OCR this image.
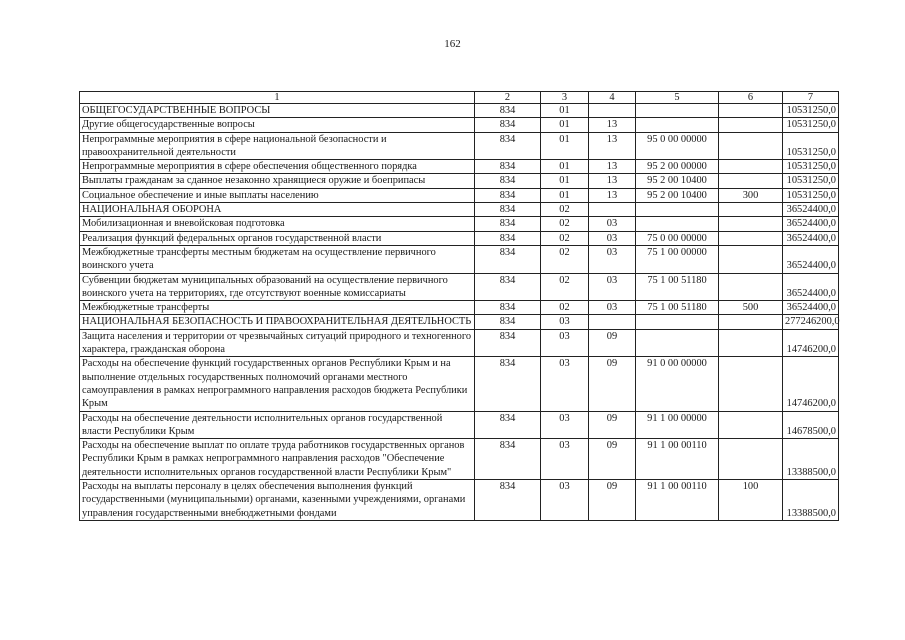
162
1	2	3	4	5	6	7
ОБЩЕГОСУДАРСТВЕННЫЕ ВОПРОСЫ	834	01				10531250,0
Другие общегосударственные вопросы	834	01	13			10531250,0
Непрограммные мероприятия в сфере национальной безопасности и правоохранительной деятельности	834	01	13	95 0 00 00000		10531250,0
Непрограммные мероприятия в сфере обеспечения общественного порядка	834	01	13	95 2 00 00000		10531250,0
Выплаты гражданам за сданное незаконно хранящиеся оружие и боеприпасы	834	01	13	95 2 00 10400		10531250,0
Социальное обеспечение и иные выплаты населению	834	01	13	95 2 00 10400	300	10531250,0
НАЦИОНАЛЬНАЯ ОБОРОНА	834	02				36524400,0
Мобилизационная и вневойсковая подготовка	834	02	03			36524400,0
Реализация функций федеральных органов государственной власти	834	02	03	75 0 00 00000		36524400,0
Межбюджетные трансферты местным бюджетам на осуществление первичного воинского учета	834	02	03	75 1 00 00000		36524400,0
Субвенции бюджетам муниципальных образований на осуществление первичного воинского учета на территориях, где отсутствуют военные комиссариаты	834	02	03	75 1 00 51180		36524400,0
Межбюджетные трансферты	834	02	03	75 1 00 51180	500	36524400,0
НАЦИОНАЛЬНАЯ БЕЗОПАСНОСТЬ И ПРАВООХРАНИТЕЛЬНАЯ ДЕЯТЕЛЬНОСТЬ	834	03				277246200,0
Защита населения и территории от чрезвычайных ситуаций природного и техногенного характера, гражданская оборона	834	03	09			14746200,0
Расходы на обеспечение функций государственных органов Республики Крым и на выполнение отдельных государственных полномочий органами местного самоуправления в рамках непрограммного направления расходов бюджета Республики Крым	834	03	09	91 0 00 00000		14746200,0
Расходы на обеспечение деятельности исполнительных органов государственной власти Республики Крым	834	03	09	91 1 00 00000		14678500,0
Расходы на обеспечение выплат по оплате труда работников государственных органов Республики Крым в рамках непрограммного направления расходов "Обеспечение деятельности исполнительных органов государственной власти Республики Крым"	834	03	09	91 1 00 00110		13388500,0
Расходы на выплаты персоналу в целях обеспечения выполнения функций государственными (муниципальными) органами, казенными учреждениями, органами управления государственными внебюджетными фондами	834	03	09	91 1 00 00110	100	13388500,0
